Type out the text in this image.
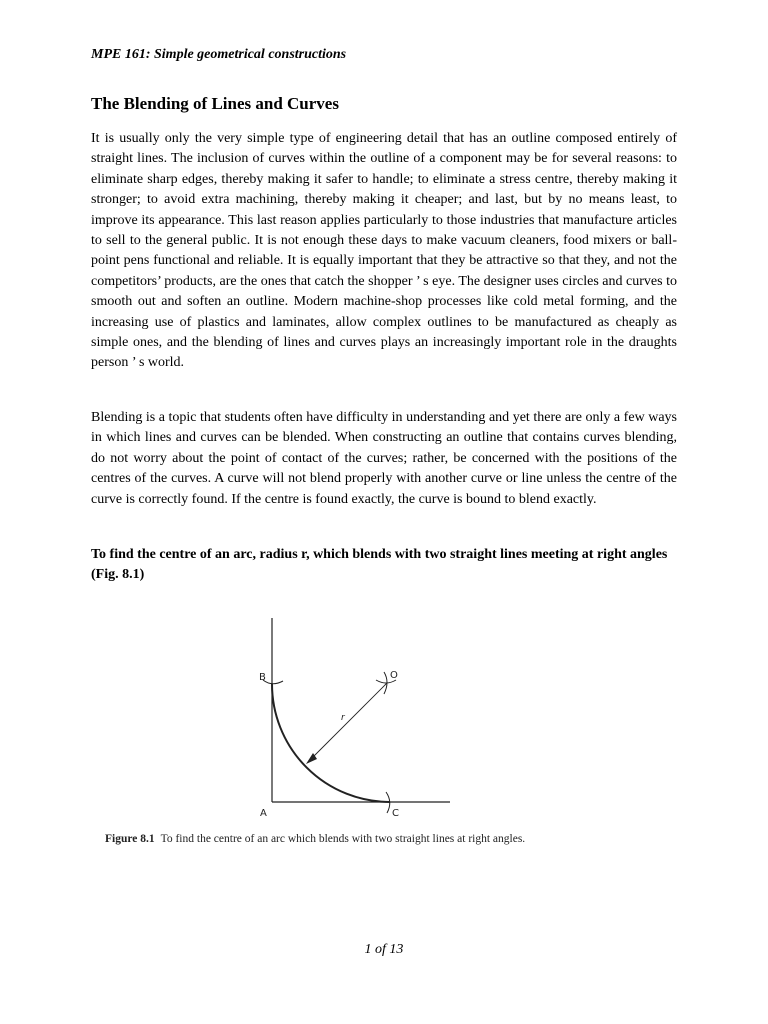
MPE 161: Simple geometrical constructions
The Blending of Lines and Curves

It is usually only the very simple type of engineering detail that has an outline composed entirely of straight lines. The inclusion of curves within the outline of a component may be for several reasons: to eliminate sharp edges, thereby making it safer to handle; to eliminate a stress centre, thereby making it stronger; to avoid extra machining, thereby making it cheaper; and last, but by no means least, to improve its appearance. This last reason applies particularly to those industries that manufacture articles to sell to the general public. It is not enough these days to make vacuum cleaners, food mixers or ball-point pens functional and reliable. It is equally important that they be attractive so that they, and not the competitors’ products, are the ones that catch the shopper ’ s eye. The designer uses circles and curves to smooth out and soften an outline. Modern machine-shop processes like cold metal forming, and the increasing use of plastics and laminates, allow complex outlines to be manufactured as cheaply as simple ones, and the blending of lines and curves plays an increasingly important role in the draughts person ’ s world.

Blending is a topic that students often have difficulty in understanding and yet there are only a few ways in which lines and curves can be blended. When constructing an outline that contains curves blending, do not worry about the point of contact of the curves; rather, be concerned with the positions of the centres of the curves. A curve will not blend properly with another curve or line unless the centre of the curve is correctly found. If the centre is found exactly, the curve is bound to blend exactly.

To find the centre of an arc, radius r, which blends with two straight lines meeting at right angles (Fig. 8.1)

B
A	C
O
r
Figure 8.1 To find the centre of an arc which blends with two straight lines at right angles.
1 of 13
